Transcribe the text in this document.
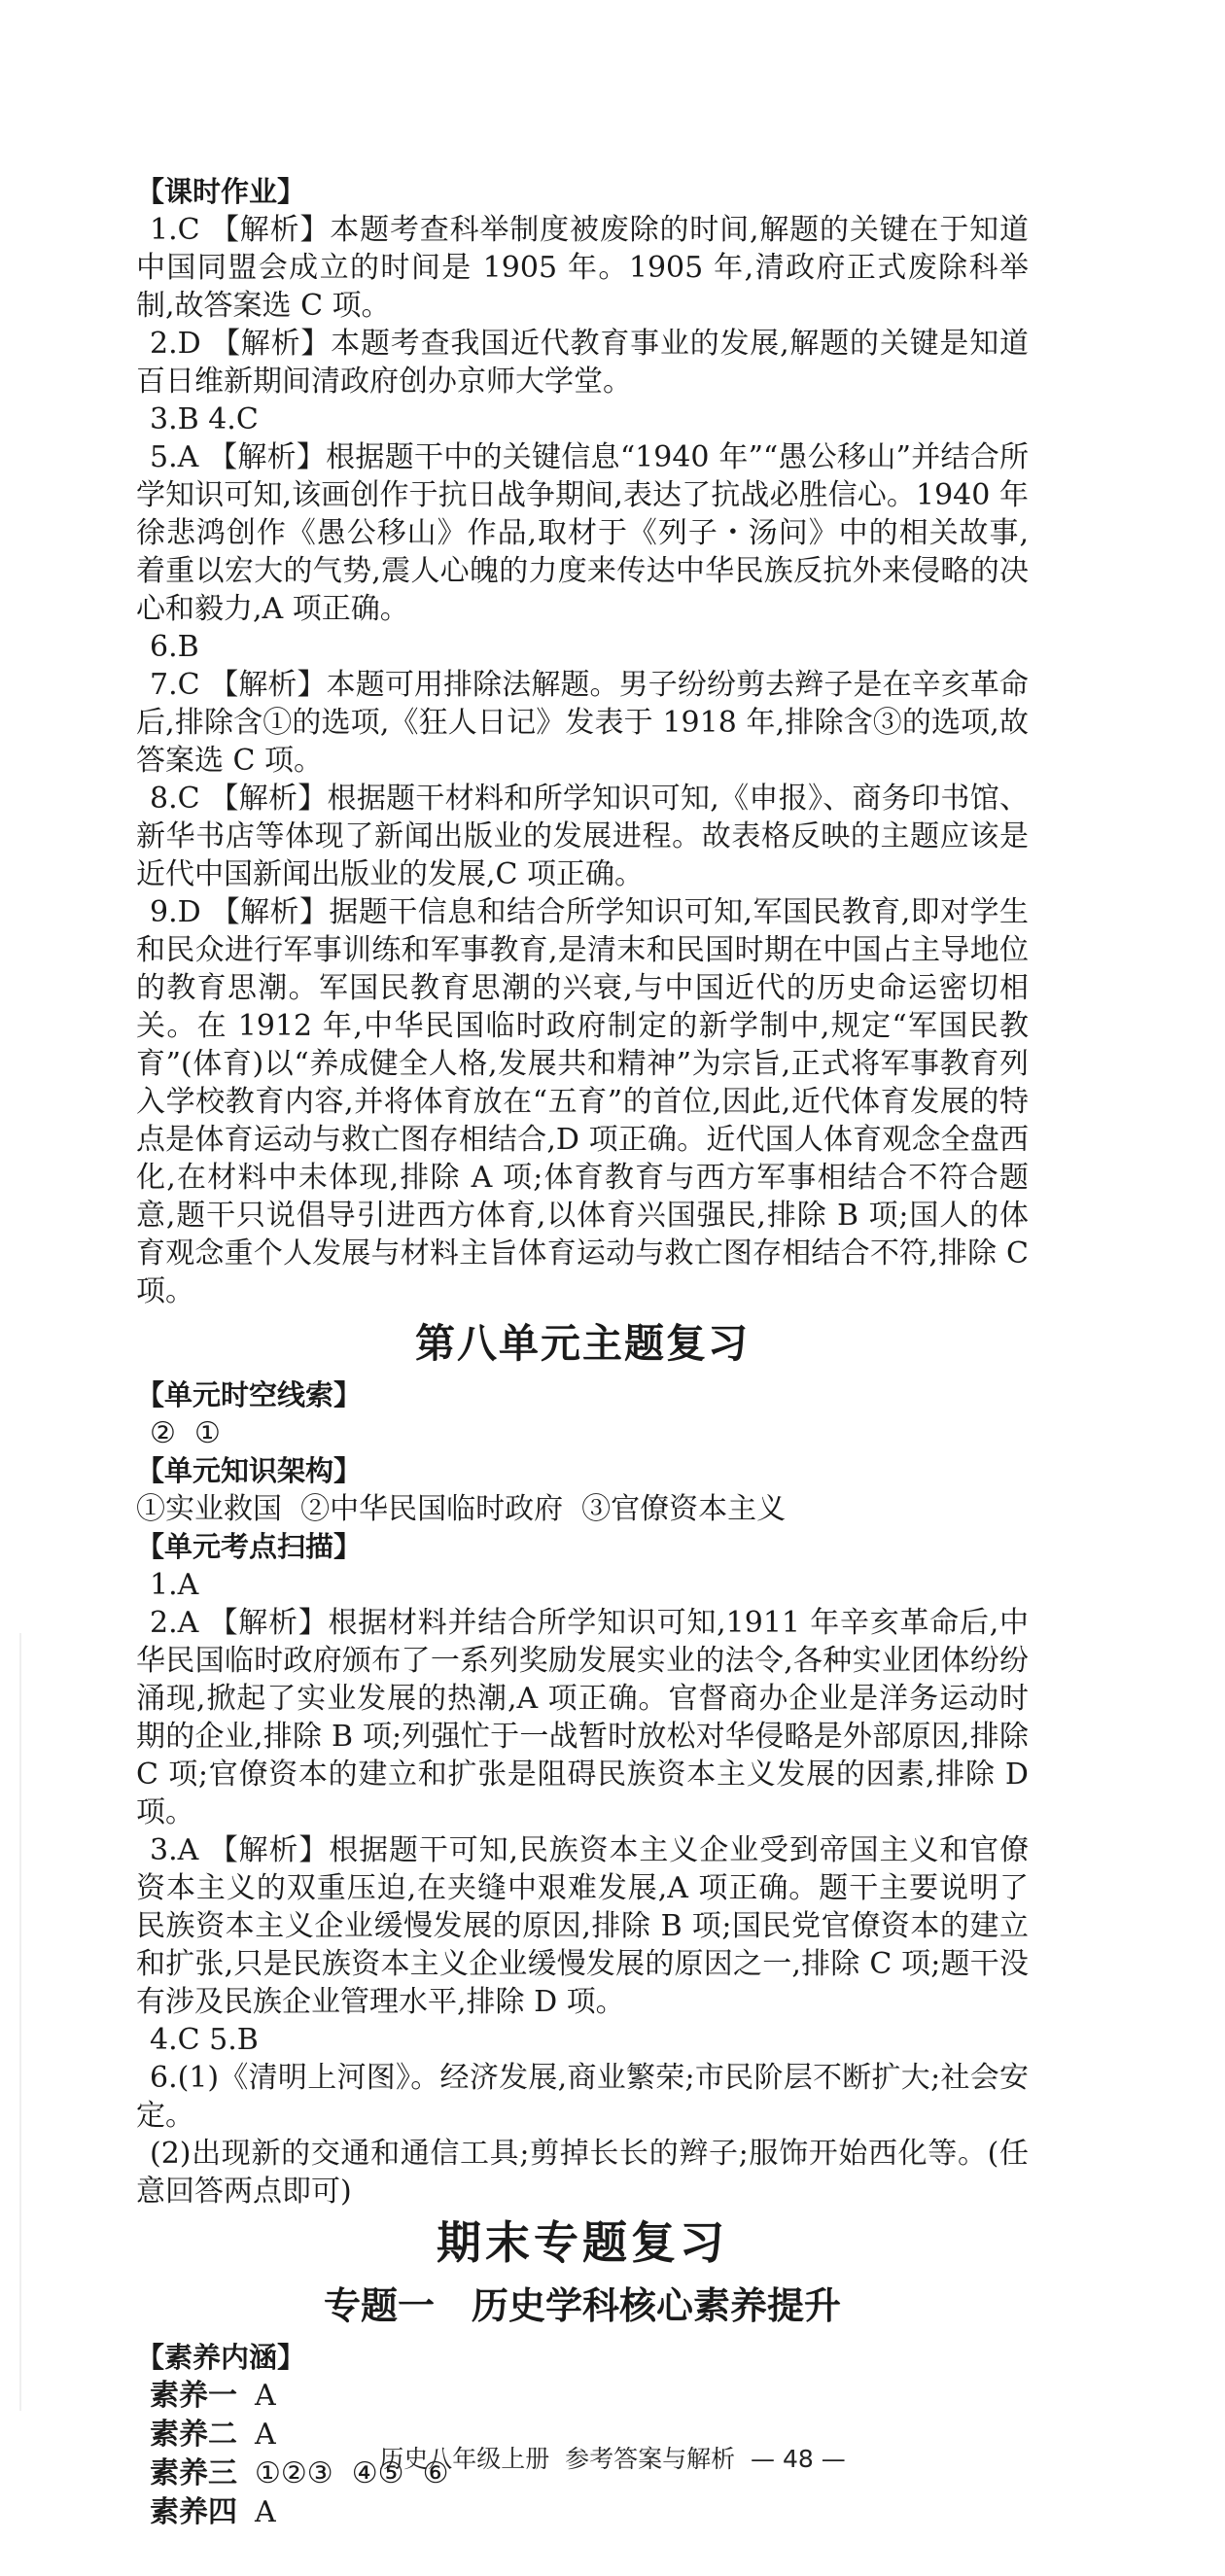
【课时作业】

1.C 【解析】本题考查科举制度被废除的时间,解题的关键在于知道中国同盟会成立的时间是 1905 年。1905 年,清政府正式废除科举制,故答案选 C 项。

2.D 【解析】本题考查我国近代教育事业的发展,解题的关键是知道百日维新期间清政府创办京师大学堂。

3.B 4.C

5.A 【解析】根据题干中的关键信息“1940 年”“愚公移山”并结合所学知识可知,该画创作于抗日战争期间,表达了抗战必胜信心。1940 年徐悲鸿创作《愚公移山》作品,取材于《列子・汤问》中的相关故事,着重以宏大的气势,震人心魄的力度来传达中华民族反抗外来侵略的决心和毅力,A 项正确。

6.B

7.C 【解析】本题可用排除法解题。男子纷纷剪去辫子是在辛亥革命后,排除含①的选项,《狂人日记》发表于 1918 年,排除含③的选项,故答案选 C 项。

8.C 【解析】根据题干材料和所学知识可知,《申报》、商务印书馆、新华书店等体现了新闻出版业的发展进程。故表格反映的主题应该是近代中国新闻出版业的发展,C 项正确。

9.D 【解析】据题干信息和结合所学知识可知,军国民教育,即对学生和民众进行军事训练和军事教育,是清末和民国时期在中国占主导地位的教育思潮。军国民教育思潮的兴衰,与中国近代的历史命运密切相关。在 1912 年,中华民国临时政府制定的新学制中,规定“军国民教育”(体育)以“养成健全人格,发展共和精神”为宗旨,正式将军事教育列入学校教育内容,并将体育放在“五育”的首位,因此,近代体育发展的特点是体育运动与救亡图存相结合,D 项正确。近代国人体育观念全盘西化,在材料中未体现,排除 A 项;体育教育与西方军事相结合不符合题意,题干只说倡导引进西方体育,以体育兴国强民,排除 B 项;国人的体育观念重个人发展与材料主旨体育运动与救亡图存相结合不符,排除 C 项。

第八单元主题复习

【单元时空线索】

②  ①

【单元知识架构】

①实业救国  ②中华民国临时政府  ③官僚资本主义

【单元考点扫描】

1.A

2.A 【解析】根据材料并结合所学知识可知,1911 年辛亥革命后,中华民国临时政府颁布了一系列奖励发展实业的法令,各种实业团体纷纷涌现,掀起了实业发展的热潮,A 项正确。官督商办企业是洋务运动时期的企业,排除 B 项;列强忙于一战暂时放松对华侵略是外部原因,排除 C 项;官僚资本的建立和扩张是阻碍民族资本主义发展的因素,排除 D 项。

3.A 【解析】根据题干可知,民族资本主义企业受到帝国主义和官僚资本主义的双重压迫,在夹缝中艰难发展,A 项正确。题干主要说明了民族资本主义企业缓慢发展的原因,排除 B 项;国民党官僚资本的建立和扩张,只是民族资本主义企业缓慢发展的原因之一,排除 C 项;题干没有涉及民族企业管理水平,排除 D 项。

4.C 5.B

6.(1)《清明上河图》。经济发展,商业繁荣;市民阶层不断扩大;社会安定。

(2)出现新的交通和通信工具;剪掉长长的辫子;服饰开始西化等。(任意回答两点即可)

期末专题复习
专题一　历史学科核心素养提升

【素养内涵】

素养一 A

素养二 A

素养三 ①②③  ④⑤  ⑥

素养四 A

历史八年级上册  参考答案与解析  — 48 —
